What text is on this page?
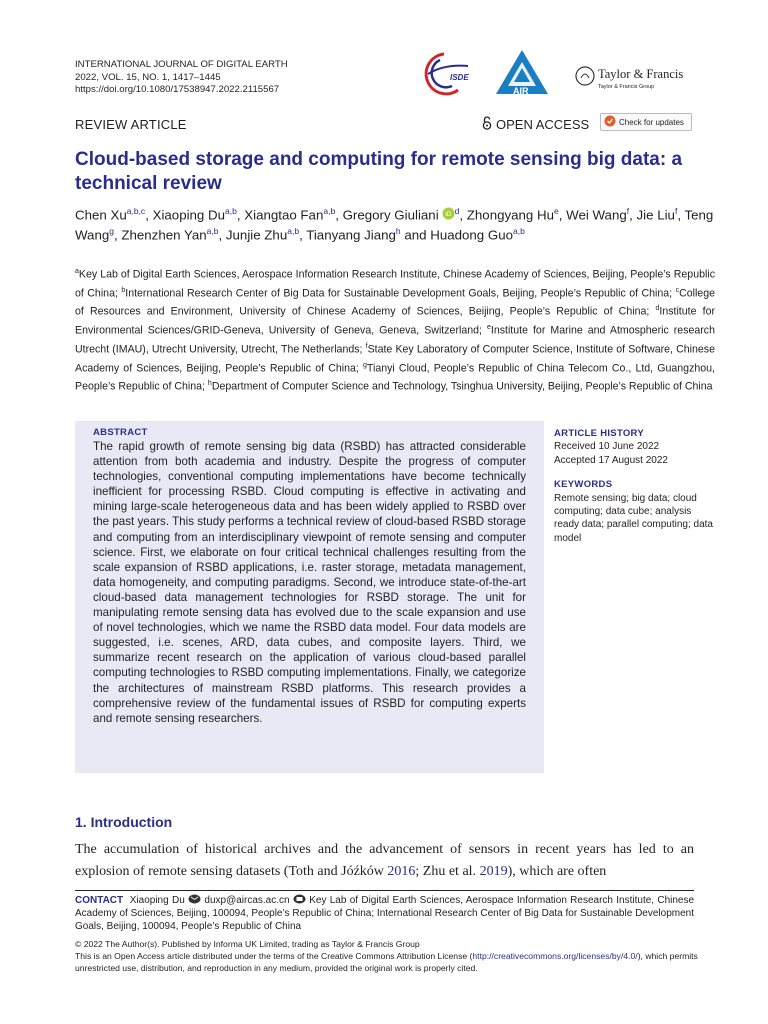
INTERNATIONAL JOURNAL OF DIGITAL EARTH
2022, VOL. 15, NO. 1, 1417–1445
https://doi.org/10.1080/17538947.2022.2115567
ISDE
AIR
Taylor & Francis
Taylor & Francis Group
REVIEW ARTICLE	OPEN ACCESS	Check for updates
Cloud-based storage and computing for remote sensing big data: a technical review
Chen Xu$^{a,b,c}$, Xiaoping Du$^{a,b}$, Xiangtao Fan$^{a,b}$, Gregory Giuliani iD $^d$, Zhongyang Hu$^e$, Wei Wang$^f$, Jie Liu$^f$, Teng Wang$^g$, Zhenzhen Yan$^{a,b}$, Junjie Zhu$^{a,b}$, Tianyang Jiang$^h$ and Huadong Guo$^{a,b}$
$^a$Key Lab of Digital Earth Sciences, Aerospace Information Research Institute, Chinese Academy of Sciences, Beijing, People’s Republic of China; $^b$International Research Center of Big Data for Sustainable Development Goals, Beijing, People’s Republic of China; $^c$College of Resources and Environment, University of Chinese Academy of Sciences, Beijing, People’s Republic of China; $^d$Institute for Environmental Sciences/GRID-Geneva, University of Geneva, Geneva, Switzerland; $^e$Institute for Marine and Atmospheric research Utrecht (IMAU), Utrecht University, Utrecht, The Netherlands; $^f$State Key Laboratory of Computer Science, Institute of Software, Chinese Academy of Sciences, Beijing, People’s Republic of China; $^g$Tianyi Cloud, People’s Republic of China Telecom Co., Ltd, Guangzhou, People’s Republic of China; $^h$Department of Computer Science and Technology, Tsinghua University, Beijing, People’s Republic of China
ABSTRACT
The rapid growth of remote sensing big data (RSBD) has attracted considerable attention from both academia and industry. Despite the progress of computer technologies, conventional computing implementations have become technically inefficient for processing RSBD. Cloud computing is effective in activating and mining large-scale heterogeneous data and has been widely applied to RSBD over the past years. This study performs a technical review of cloud-based RSBD storage and computing from an interdisciplinary viewpoint of remote sensing and computer science. First, we elaborate on four critical technical challenges resulting from the scale expansion of RSBD applications, i.e. raster storage, metadata management, data homogeneity, and computing paradigms. Second, we introduce state-of-the-art cloud-based data management technologies for RSBD storage. The unit for manipulating remote sensing data has evolved due to the scale expansion and use of novel technologies, which we name the RSBD data model. Four data models are suggested, i.e. scenes, ARD, data cubes, and composite layers. Third, we summarize recent research on the application of various cloud-based parallel computing technologies to RSBD computing implementations. Finally, we categorize the architectures of mainstream RSBD platforms. This research provides a comprehensive review of the fundamental issues of RSBD for computing experts and remote sensing researchers.
ARTICLE HISTORY
Received 10 June 2022
Accepted 17 August 2022
KEYWORDS
Remote sensing; big data; cloud computing; data cube; analysis ready data; parallel computing; data model
1. Introduction
The accumulation of historical archives and the advancement of sensors in recent years has led to an explosion of remote sensing datasets (Toth and Jóźków 2016; Zhu et al. 2019), which are often
CONTACT Xiaoping Du duxp@aircas.ac.cn Key Lab of Digital Earth Sciences, Aerospace Information Research Institute, Chinese Academy of Sciences, Beijing, 100094, People’s Republic of China; International Research Center of Big Data for Sustainable Development Goals, Beijing, 100094, People’s Republic of China
© 2022 The Author(s). Published by Informa UK Limited, trading as Taylor & Francis Group
This is an Open Access article distributed under the terms of the Creative Commons Attribution License (http://creativecommons.org/licenses/by/4.0/), which permits unrestricted use, distribution, and reproduction in any medium, provided the original work is properly cited.
